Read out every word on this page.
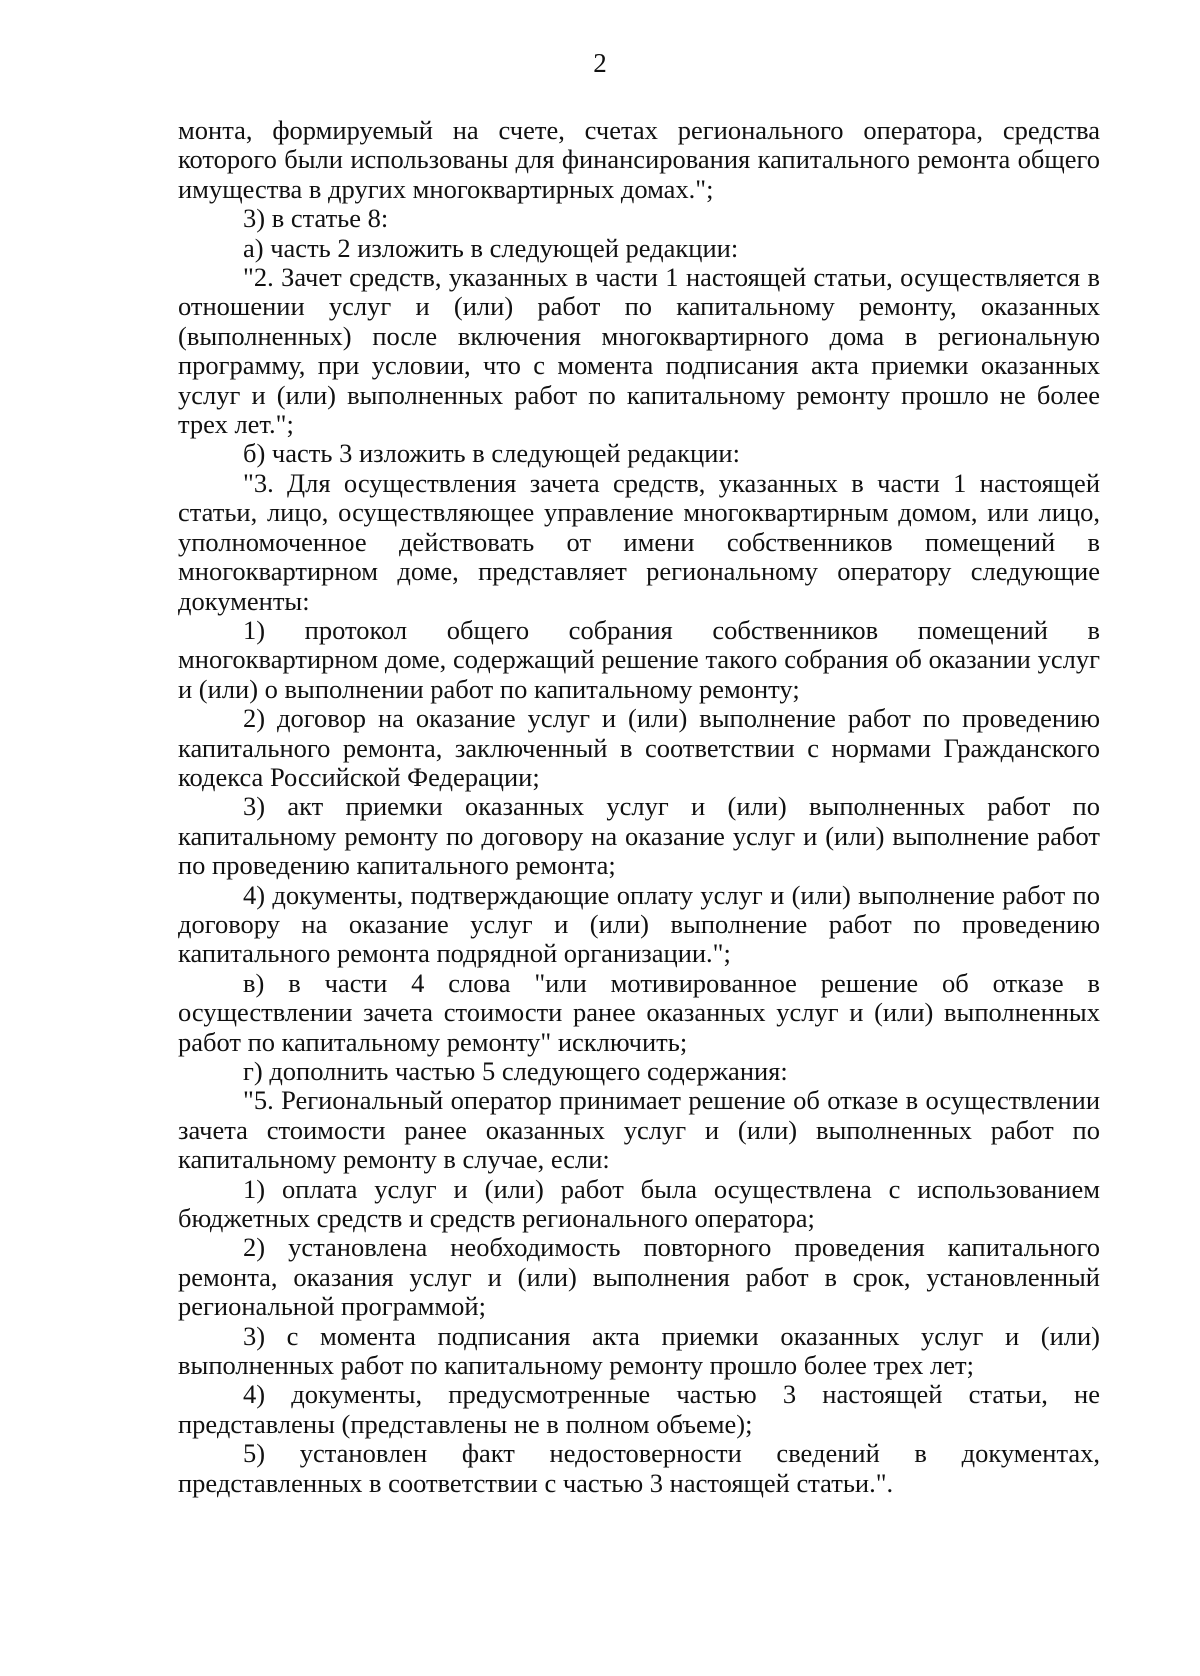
2

монта, формируемый на счете, счетах регионального оператора, средства которого были использованы для финансирования капитального ремонта общего имущества в других многоквартирных домах.";

3) в статье 8:

а) часть 2 изложить в следующей редакции:

"2. Зачет средств, указанных в части 1 настоящей статьи, осуществляется в отношении услуг и (или) работ по капитальному ремонту, оказанных (выполненных) после включения многоквартирного дома в региональную программу, при условии, что с момента подписания акта приемки оказанных услуг и (или) выполненных работ по капитальному ремонту прошло не более трех лет.";

б) часть 3 изложить в следующей редакции:

"3. Для осуществления зачета средств, указанных в части 1 настоящей статьи, лицо, осуществляющее управление многоквартирным домом, или лицо, уполномоченное действовать от имени собственников помещений в многоквартирном доме, представляет региональному оператору следующие документы:

1) протокол общего собрания собственников помещений в многоквартирном доме, содержащий решение такого собрания об оказании услуг и (или) о выполнении работ по капитальному ремонту;

2) договор на оказание услуг и (или) выполнение работ по проведению капитального ремонта, заключенный в соответствии с нормами Гражданского кодекса Российской Федерации;

3) акт приемки оказанных услуг и (или) выполненных работ по капитальному ремонту по договору на оказание услуг и (или) выполнение работ по проведению капитального ремонта;

4) документы, подтверждающие оплату услуг и (или) выполнение работ по договору на оказание услуг и (или) выполнение работ по проведению капитального ремонта подрядной организации.";

в) в части 4 слова "или мотивированное решение об отказе в осуществлении зачета стоимости ранее оказанных услуг и (или) выполненных работ по капитальному ремонту" исключить;

г) дополнить частью 5 следующего содержания:

"5. Региональный оператор принимает решение об отказе в осуществлении зачета стоимости ранее оказанных услуг и (или) выполненных работ по капитальному ремонту в случае, если:

1) оплата услуг и (или) работ была осуществлена с использованием бюджетных средств и средств регионального оператора;

2) установлена необходимость повторного проведения капитального ремонта, оказания услуг и (или) выполнения работ в срок, установленный региональной программой;

3) с момента подписания акта приемки оказанных услуг и (или) выполненных работ по капитальному ремонту прошло более трех лет;

4) документы, предусмотренные частью 3 настоящей статьи, не представлены (представлены не в полном объеме);

5) установлен факт недостоверности сведений в документах, представленных в соответствии с частью 3 настоящей статьи.".
